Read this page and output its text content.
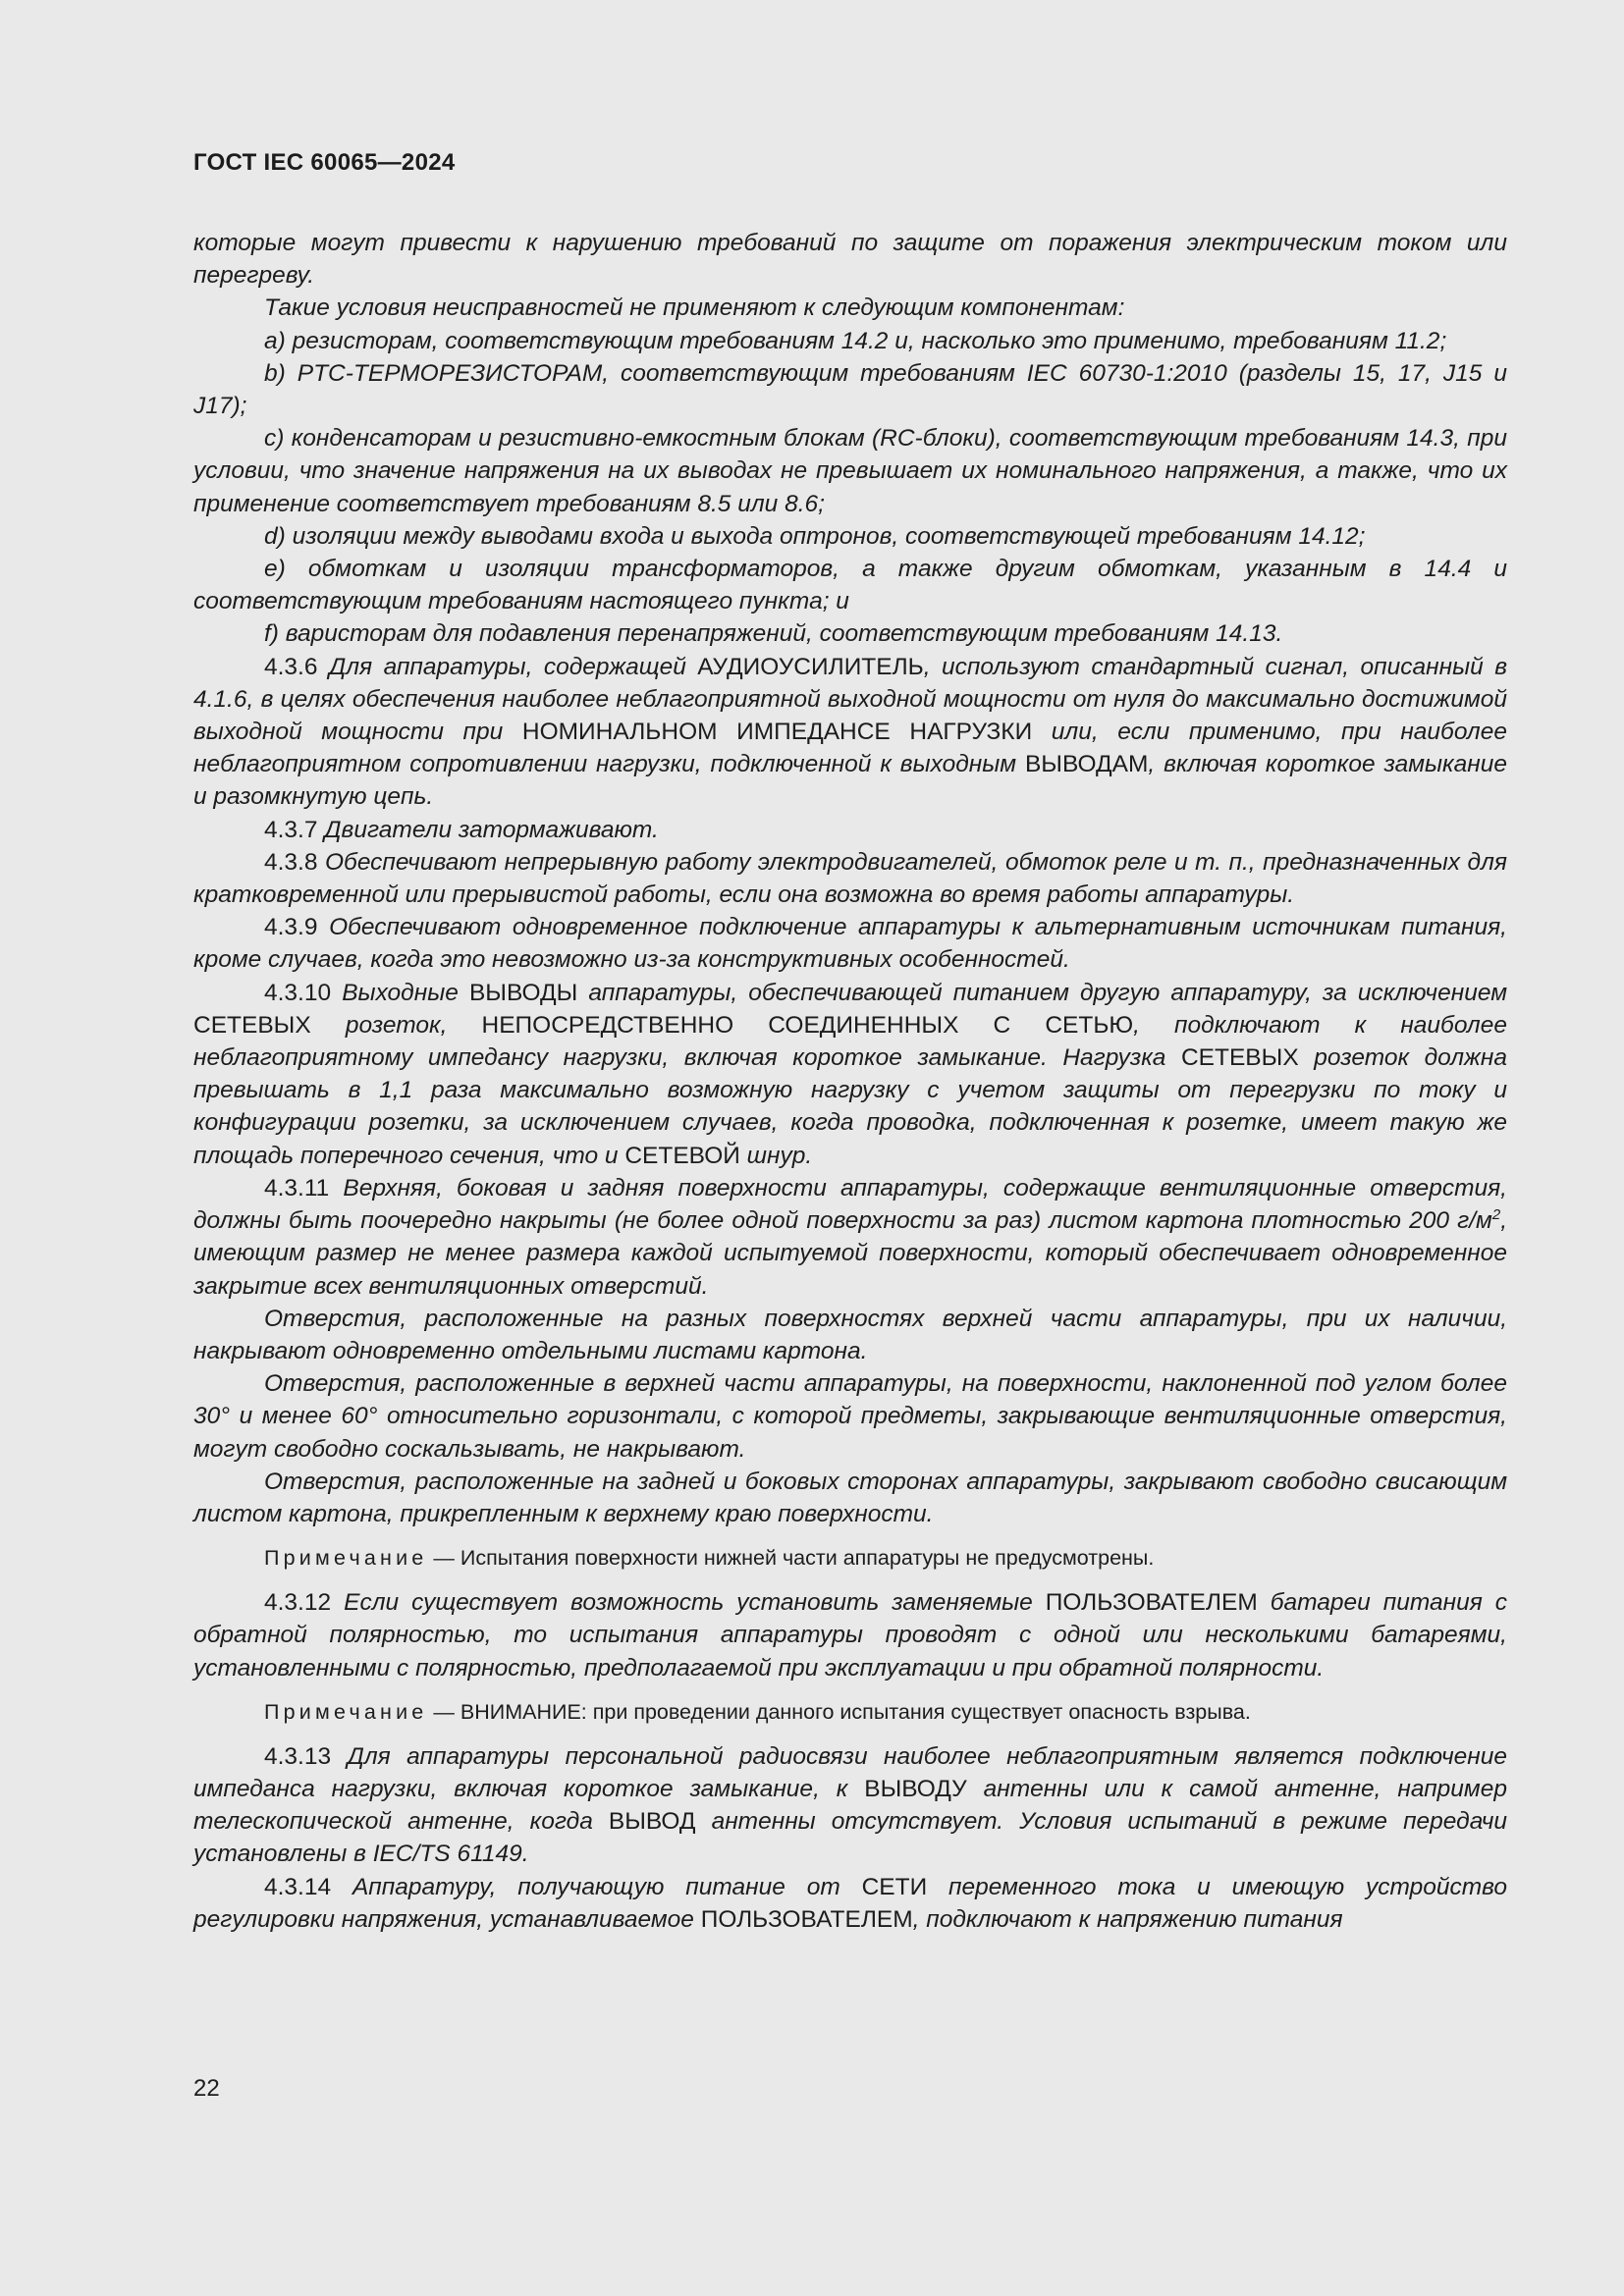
ГОСТ IEC 60065—2024

которые могут привести к нарушению требований по защите от поражения электрическим током или перегреву.

Такие условия неисправностей не применяют к следующим компонентам:

a) резисторам, соответствующим требованиям 14.2 и, насколько это применимо, требованиям 11.2;

b) PTC-ТЕРМОРЕЗИСТОРАМ, соответствующим требованиям IEC 60730-1:2010 (разделы 15, 17, J15 и J17);

c) конденсаторам и резистивно-емкостным блокам (RC-блоки), соответствующим требованиям 14.3, при условии, что значение напряжения на их выводах не превышает их номинального напряжения, а также, что их применение соответствует требованиям 8.5 или 8.6;

d) изоляции между выводами входа и выхода оптронов, соответствующей требованиям 14.12;

e) обмоткам и изоляции трансформаторов, а также другим обмоткам, указанным в 14.4 и соответствующим требованиям настоящего пункта; и

f) варисторам для подавления перенапряжений, соответствующим требованиям 14.13.

4.3.6 Для аппаратуры, содержащей АУДИОУСИЛИТЕЛЬ, используют стандартный сигнал, описанный в 4.1.6, в целях обеспечения наиболее неблагоприятной выходной мощности от нуля до максимально достижимой выходной мощности при НОМИНАЛЬНОМ ИМПЕДАНСЕ НАГРУЗКИ или, если применимо, при наиболее неблагоприятном сопротивлении нагрузки, подключенной к выходным ВЫВОДАМ, включая короткое замыкание и разомкнутую цепь.

4.3.7 Двигатели затормаживают.

4.3.8 Обеспечивают непрерывную работу электродвигателей, обмоток реле и т. п., предназначенных для кратковременной или прерывистой работы, если она возможна во время работы аппаратуры.

4.3.9 Обеспечивают одновременное подключение аппаратуры к альтернативным источникам питания, кроме случаев, когда это невозможно из-за конструктивных особенностей.

4.3.10 Выходные ВЫВОДЫ аппаратуры, обеспечивающей питанием другую аппаратуру, за исключением СЕТЕВЫХ розеток, НЕПОСРЕДСТВЕННО СОЕДИНЕННЫХ С СЕТЬЮ, подключают к наиболее неблагоприятному импедансу нагрузки, включая короткое замыкание. Нагрузка СЕТЕВЫХ розеток должна превышать в 1,1 раза максимально возможную нагрузку с учетом защиты от перегрузки по току и конфигурации розетки, за исключением случаев, когда проводка, подключенная к розетке, имеет такую же площадь поперечного сечения, что и СЕТЕВОЙ шнур.

4.3.11 Верхняя, боковая и задняя поверхности аппаратуры, содержащие вентиляционные отверстия, должны быть поочередно накрыты (не более одной поверхности за раз) листом картона плотностью 200 $г/м^2$, имеющим размер не менее размера каждой испытуемой поверхности, который обеспечивает одновременное закрытие всех вентиляционных отверстий.

Отверстия, расположенные на разных поверхностях верхней части аппаратуры, при их наличии, накрывают одновременно отдельными листами картона.

Отверстия, расположенные в верхней части аппаратуры, на поверхности, наклоненной под углом более 30° и менее 60° относительно горизонтали, с которой предметы, закрывающие вентиляционные отверстия, могут свободно соскальзывать, не накрывают.

Отверстия, расположенные на задней и боковых сторонах аппаратуры, закрывают свободно свисающим листом картона, прикрепленным к верхнему краю поверхности.

Примечание — Испытания поверхности нижней части аппаратуры не предусмотрены.

4.3.12 Если существует возможность установить заменяемые ПОЛЬЗОВАТЕЛЕМ батареи питания с обратной полярностью, то испытания аппаратуры проводят с одной или несколькими батареями, установленными с полярностью, предполагаемой при эксплуатации и при обратной полярности.

Примечание — ВНИМАНИЕ: при проведении данного испытания существует опасность взрыва.

4.3.13 Для аппаратуры персональной радиосвязи наиболее неблагоприятным является подключение импеданса нагрузки, включая короткое замыкание, к ВЫВОДУ антенны или к самой антенне, например телескопической антенне, когда ВЫВОД антенны отсутствует. Условия испытаний в режиме передачи установлены в IEC/TS 61149.

4.3.14 Аппаратуру, получающую питание от СЕТИ переменного тока и имеющую устройство регулировки напряжения, устанавливаемое ПОЛЬЗОВАТЕЛЕМ, подключают к напряжению питания

22
